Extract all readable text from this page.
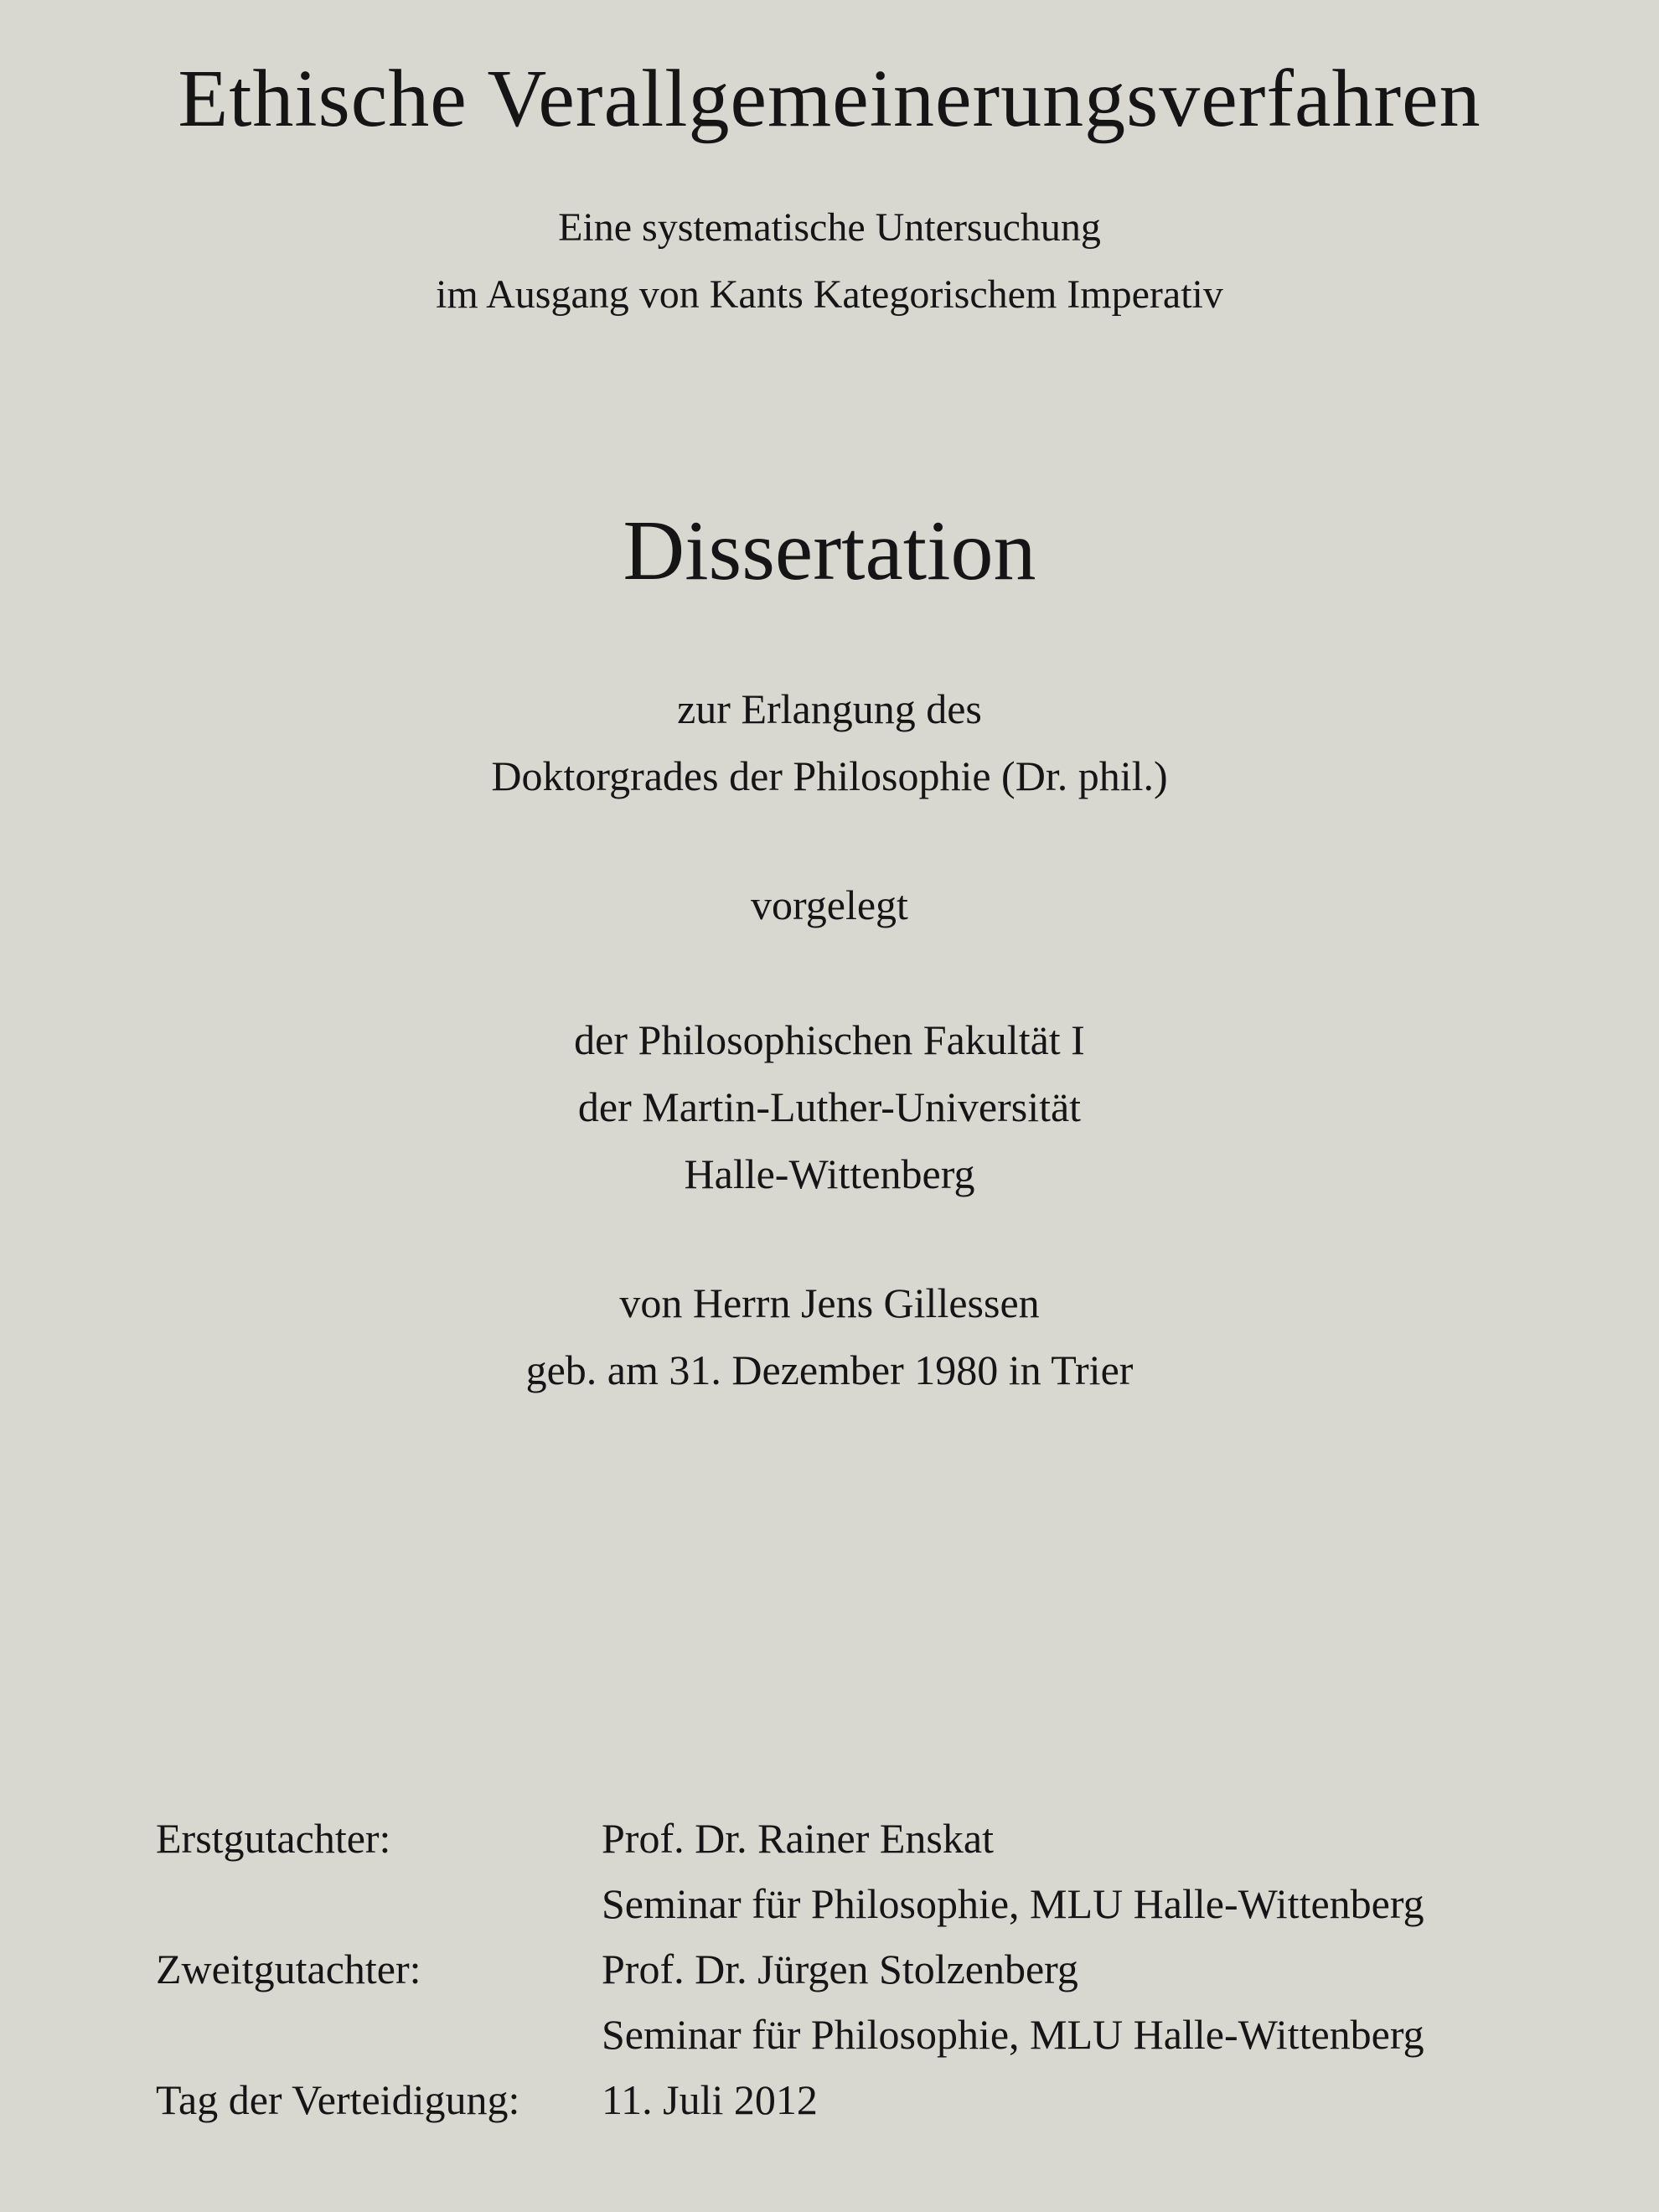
Ethische Verallgemeinerungsverfahren
Eine systematische Untersuchung
im Ausgang von Kants Kategorischem Imperativ
Dissertation
zur Erlangung des
Doktorgrades der Philosophie (Dr. phil.)
vorgelegt
der Philosophischen Fakultät I
der Martin-Luther-Universität
Halle-Wittenberg
von Herrn Jens Gillessen
geb. am 31. Dezember 1980 in Trier
Erstgutachter:	Prof. Dr. Rainer Enskat
Seminar für Philosophie, MLU Halle-Wittenberg
Zweitgutachter:	Prof. Dr. Jürgen Stolzenberg
Seminar für Philosophie, MLU Halle-Wittenberg
Tag der Verteidigung:	11. Juli 2012
